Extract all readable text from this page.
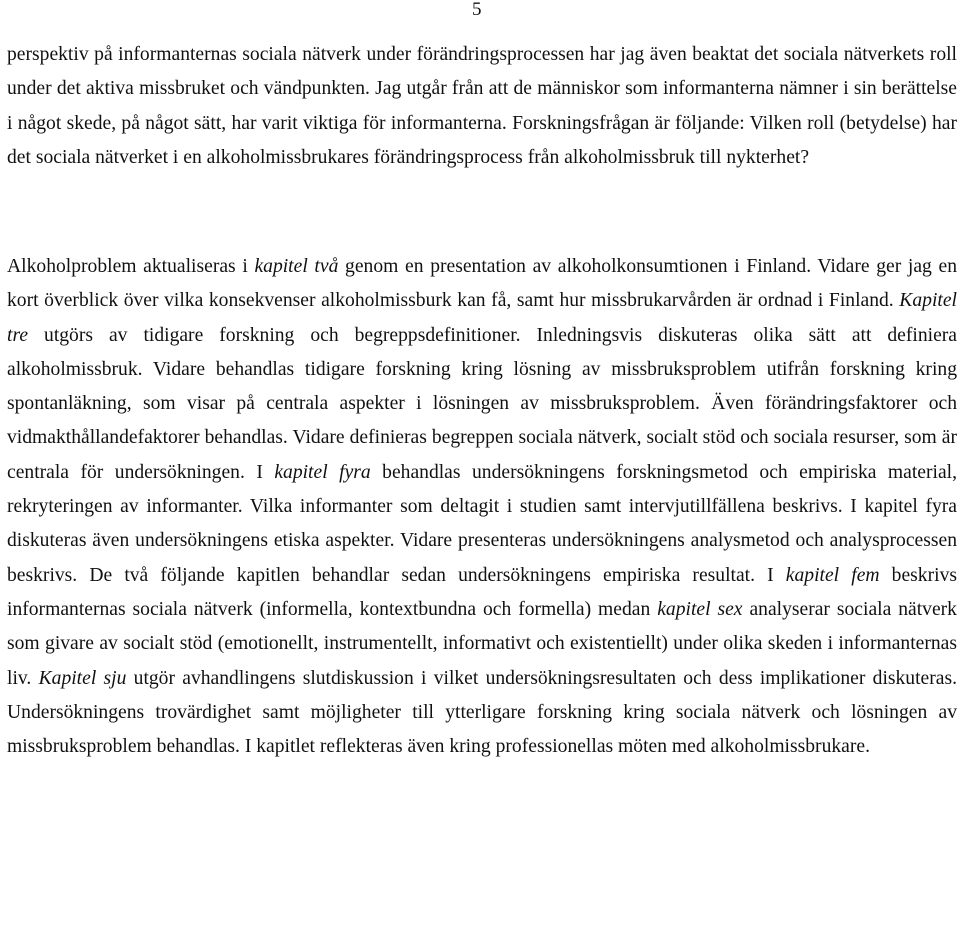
5

perspektiv på informanternas sociala nätverk under förändringsprocessen har jag även beaktat det sociala nätverkets roll under det aktiva missbruket och vändpunkten. Jag utgår från att de människor som informanterna nämner i sin berättelse i något skede, på något sätt, har varit viktiga för informanterna. Forskningsfrågan är följande: Vilken roll (betydelse) har det sociala nätverket i en alkoholmissbrukares förändringsprocess från alkoholmissbruk till nykterhet?

Alkoholproblem aktualiseras i kapitel två genom en presentation av alkoholkonsumtionen i Finland. Vidare ger jag en kort överblick över vilka konsekvenser alkoholmissburk kan få, samt hur missbrukarvården är ordnad i Finland. Kapitel tre utgörs av tidigare forskning och begreppsdefinitioner. Inledningsvis diskuteras olika sätt att definiera alkoholmissbruk. Vidare behandlas tidigare forskning kring lösning av missbruksproblem utifrån forskning kring spontanläkning, som visar på centrala aspekter i lösningen av missbruksproblem. Även förändringsfaktorer och vidmakthållandefaktorer behandlas. Vidare definieras begreppen sociala nätverk, socialt stöd och sociala resurser, som är centrala för undersökningen. I kapitel fyra behandlas undersökningens forskningsmetod och empiriska material, rekryteringen av informanter. Vilka informanter som deltagit i studien samt intervjutillfällena beskrivs. I kapitel fyra diskuteras även undersökningens etiska aspekter. Vidare presenteras undersökningens analysmetod och analysprocessen beskrivs. De två följande kapitlen behandlar sedan undersökningens empiriska resultat. I kapitel fem beskrivs informanternas sociala nätverk (informella, kontextbundna och formella) medan kapitel sex analyserar sociala nätverk som givare av socialt stöd (emotionellt, instrumentellt, informativt och existentiellt) under olika skeden i informanternas liv. Kapitel sju utgör avhandlingens slutdiskussion i vilket undersökningsresultaten och dess implikationer diskuteras. Undersökningens trovärdighet samt möjligheter till ytterligare forskning kring sociala nätverk och lösningen av missbruksproblem behandlas. I kapitlet reflekteras även kring professionellas möten med alkoholmissbrukare.
